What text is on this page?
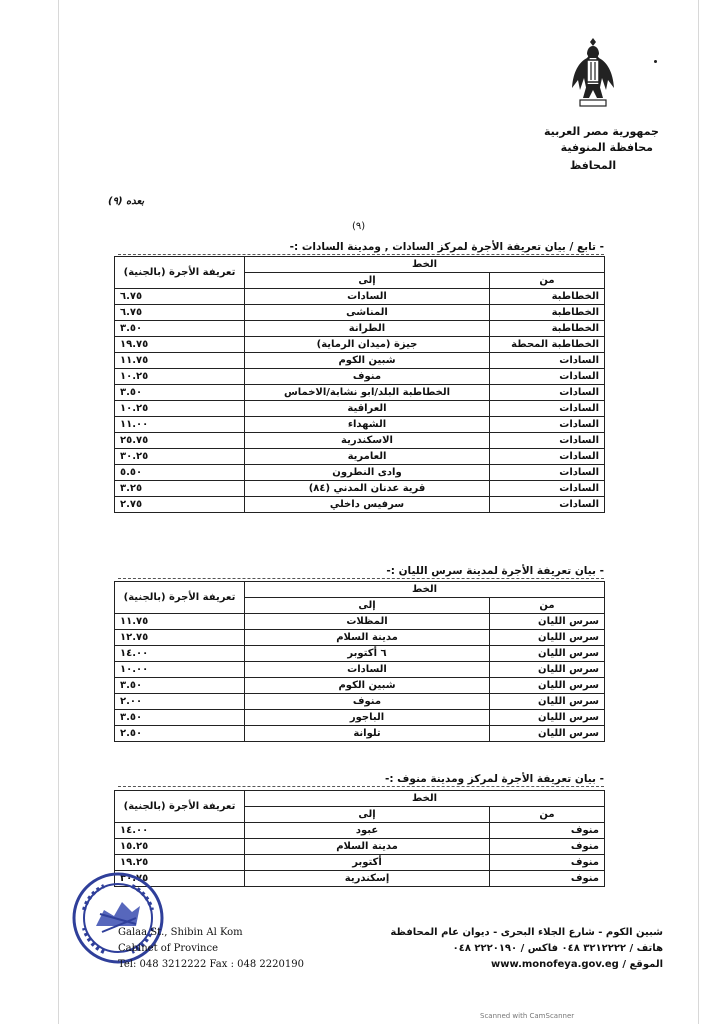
جمهورية مصر العربية
محافظة المنوفية
المحافظ
بعده (٩)
(٩)
- تابع / بيان تعريفة الأجرة لمركز السادات , ومدينة السادات :-
الخط		تعريفة الأجرة (بالجنية)
من	إلى	
الخطاطبة	السادات	٦.٧٥
الخطاطبة	المناشى	٦.٧٥
الخطاطبة	الطرانة	٣.٥٠
الخطاطبة المحطة	جيزة (ميدان الرماية)	١٩.٧٥
السادات	شبين الكوم	١١.٧٥
السادات	منوف	١٠.٢٥
السادات	الخطاطبة البلد/ابو نشابة/الاخماس	٣.٥٠
السادات	العراقية	١٠.٢٥
السادات	الشهداء	١١.٠٠
السادات	الاسكندرية	٢٥.٧٥
السادات	العامرية	٣٠.٢٥
السادات	وادى النطرون	٥.٥٠
السادات	قرية عدنان المدني (٨٤)	٣.٢٥
السادات	سرفيس داخلي	٢.٧٥
- بيان تعريفة الأجرة لمدينة سرس الليان :-
الخط		تعريفة الأجرة (بالجنية)
من	إلى	
سرس الليان	المظلات	١١.٧٥
سرس الليان	مدينة السلام	١٢.٧٥
سرس الليان	٦ أكتوبر	١٤.٠٠
سرس الليان	السادات	١٠.٠٠
سرس الليان	شبين الكوم	٣.٥٠
سرس الليان	منوف	٢.٠٠
سرس الليان	الباجور	٣.٥٠
سرس الليان	تلوانة	٢.٥٠
- بيان تعريفة الأجرة لمركز ومدينة منوف :-
الخط		تعريفة الأجرة (بالجنية)
من	إلى	
منوف	عبود	١٤.٠٠
منوف	مدينة السلام	١٥.٢٥
منوف	أكتوبر	١٩.٢٥
منوف	إسكندرية	٣٠.٧٥
شبين الكوم - شارع الجلاء البحرى - ديوان عام المحافظة
هاتف / ٣٢١٢٢٢٢ ٠٤٨ فاكس / ٢٢٢٠١٩٠ ٠٤٨
الموقع / www.monofeya.gov.eg
Galaa St., Shibin Al Kom
Cabinet of Province
Tel: 048 3212222 Fax : 048 2220190
Scanned with CamScanner
